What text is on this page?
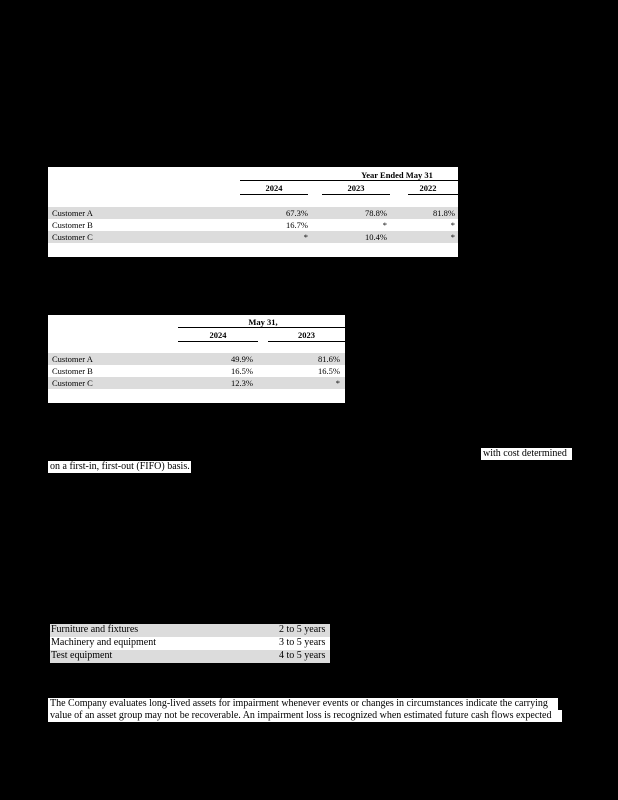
Year Ended May 31
2024	2023	2022
Customer A	67.3%	78.8%	81.8%
Customer B	16.7%	*	*
Customer C	*	10.4%	*
May 31,
2024	2023
Customer A	49.9%	81.6%
Customer B	16.5%	16.5%
Customer C	12.3%	*
with cost determined
on a first-in, first-out (FIFO) basis.
Furniture and fixtures	2 to 5 years
Machinery and equipment	3 to 5 years
Test equipment	4 to 5 years
The Company evaluates long-lived assets for impairment whenever events or changes in circumstances indicate the carrying
value of an asset group may not be recoverable. An impairment loss is recognized when estimated future cash flows expected
